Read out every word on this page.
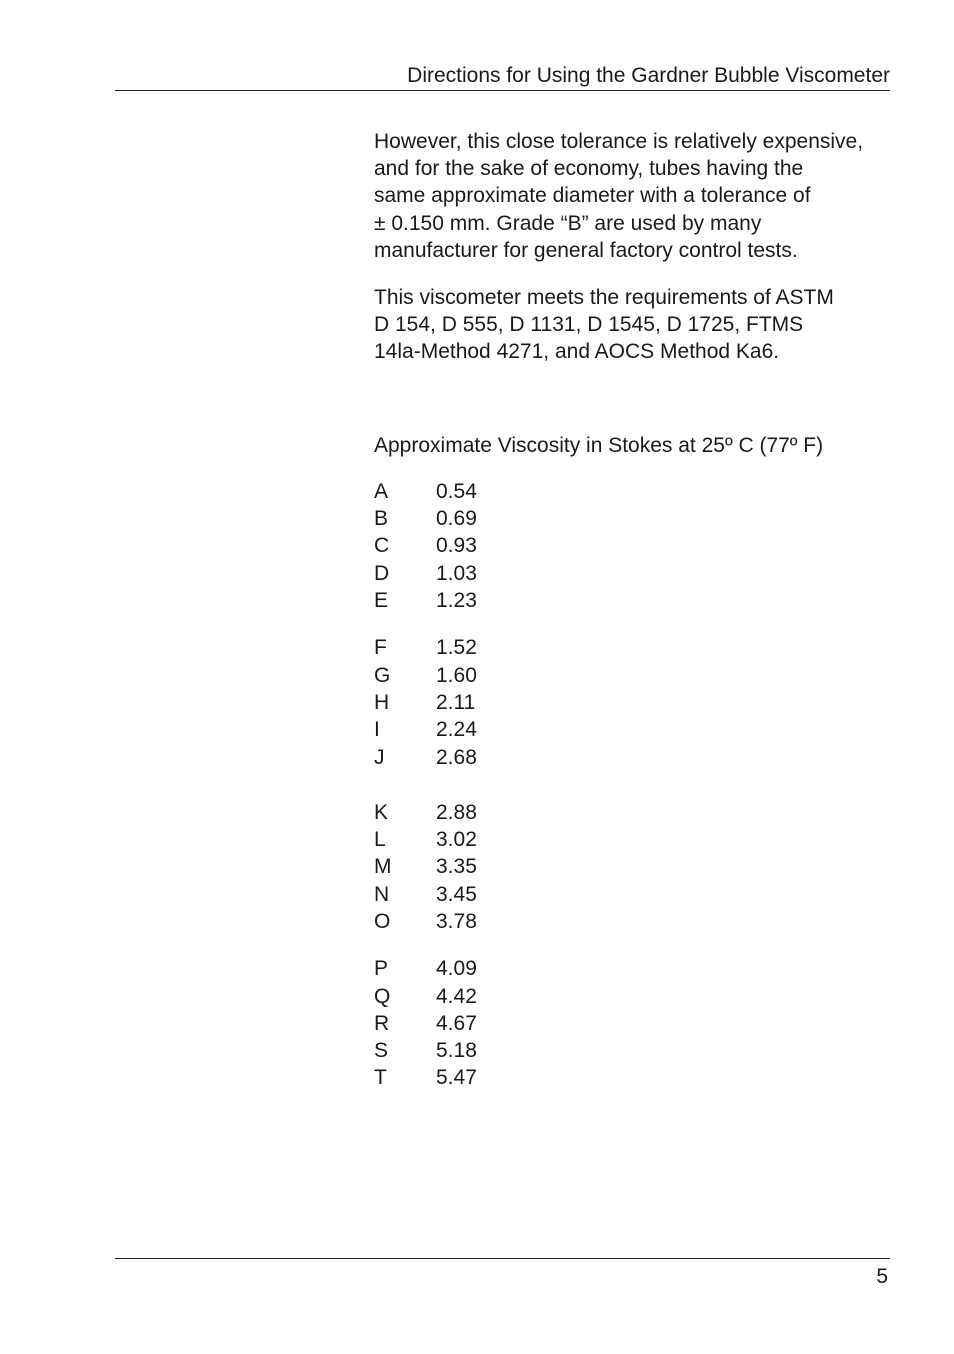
Directions for Using the Gardner Bubble Viscometer

However, this close tolerance is relatively expensive,

and for the sake of economy, tubes having the

same approximate diameter with a tolerance of

± 0.150 mm. Grade “B” are used by many

manufacturer for general factory control tests.

This viscometer meets the requirements of ASTM

D 154, D 555, D 1131, D 1545, D 1725, FTMS

14la-Method 4271, and AOCS Method Ka6.

Approximate Viscosity in Stokes at 25º C (77º F)
A	0.54
B	0.69
C	0.93
D	1.03
E	1.23
F	1.52
G	1.60
H	2.11
I	2.24
J	2.68
K	2.88
L	3.02
M	3.35
N	3.45
O	3.78
P	4.09
Q	4.42
R	4.67
S	5.18
T	5.47
5
